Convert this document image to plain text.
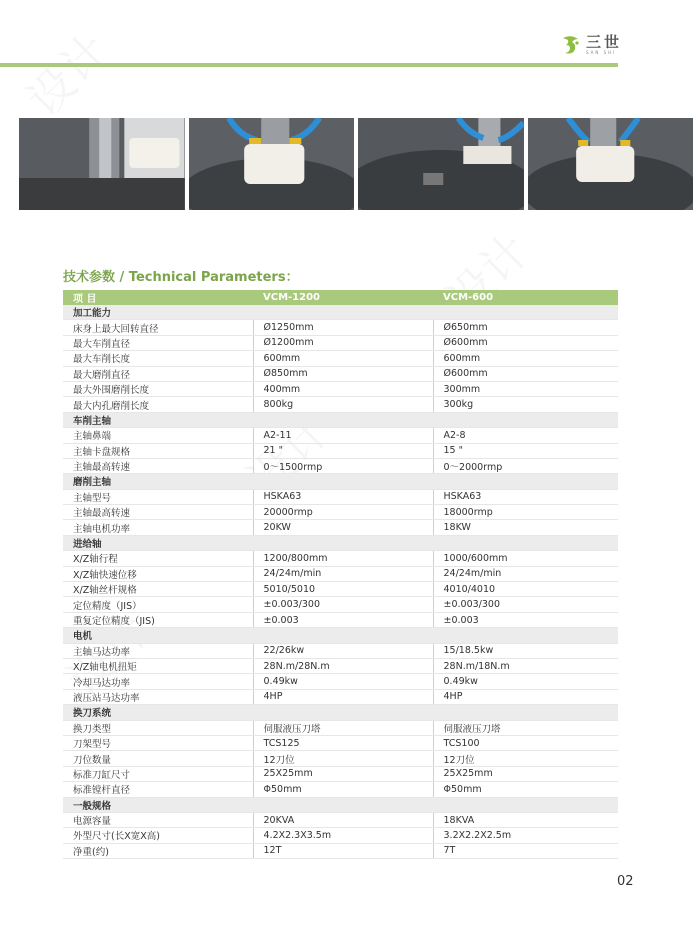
三世
SAN SHI
技术参数 / Technical Parameters：
项 目	VCM-1200	VCM-600
加工能力		
床身上最大回转直径	Ø1250mm	Ø650mm
最大车削直径	Ø1200mm	Ø600mm
最大车削长度	600mm	600mm
最大磨削直径	Ø850mm	Ø600mm
最大外围磨削长度	400mm	300mm
最大内孔磨削长度	800kg	300kg
车削主轴		
主轴鼻端	A2-11	A2-8
主轴卡盘规格	21 "	15 "
主轴最高转速	0～1500rmp	0～2000rmp
磨削主轴		
主轴型号	HSKA63	HSKA63
主轴最高转速	20000rmp	18000rmp
主轴电机功率	20KW	18KW
进给轴		
X/Z轴行程	1200/800mm	1000/600mm
X/Z轴快速位移	24/24m/min	24/24m/min
X/Z轴丝杆规格	5010/5010	4010/4010
定位精度（JIS）	±0.003/300	±0.003/300
重复定位精度（JIS)	±0.003	±0.003
电机		
主轴马达功率	22/26kw	15/18.5kw
X/Z轴电机扭矩	28N.m/28N.m	28N.m/18N.m
冷却马达功率	0.49kw	0.49kw
液压站马达功率	4HP	4HP
换刀系统		
换刀类型	伺服液压刀塔	伺服液压刀塔
刀架型号	TCS125	TCS100
刀位数量	12刀位	12刀位
标准刀缸尺寸	25X25mm	25X25mm
标准镗杆直径	Φ50mm	Φ50mm
一般规格		
电源容量	20KVA	18KVA
外型尺寸(长X宽X高)	4.2X2.3X3.5m	3.2X2.2X2.5m
净重(约)	12T	7T
02
